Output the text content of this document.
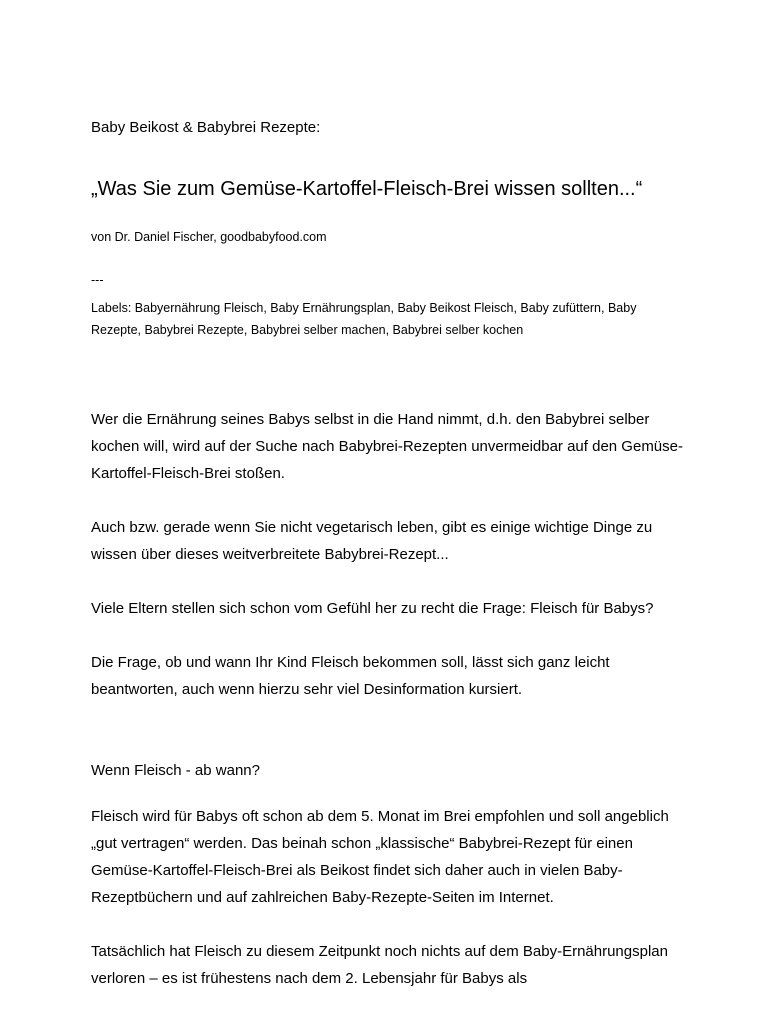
Baby Beikost & Babybrei Rezepte:
„Was Sie zum Gemüse-Kartoffel-Fleisch-Brei wissen sollten...“
von Dr. Daniel Fischer, goodbabyfood.com
---
Labels: Babyernährung Fleisch, Baby Ernährungsplan, Baby Beikost Fleisch, Baby zufüttern, Baby Rezepte, Babybrei Rezepte, Babybrei selber machen, Babybrei selber kochen

Wer die Ernährung seines Babys selbst in die Hand nimmt, d.h. den Babybrei selber kochen will, wird auf der Suche nach Babybrei-Rezepten unvermeidbar auf den Gemüse-Kartoffel-Fleisch-Brei stoßen.

Auch bzw. gerade wenn Sie nicht vegetarisch leben, gibt es einige wichtige Dinge zu wissen über dieses weitverbreitete Babybrei-Rezept...

Viele Eltern stellen sich schon vom Gefühl her zu recht die Frage: Fleisch für Babys?

Die Frage, ob und wann Ihr Kind Fleisch bekommen soll, lässt sich ganz leicht beantworten, auch wenn hierzu sehr viel Desinformation kursiert.

Wenn Fleisch - ab wann?

Fleisch wird für Babys oft schon ab dem 5. Monat im Brei empfohlen und soll angeblich „gut vertragen“ werden. Das beinah schon „klassische“ Babybrei-Rezept für einen Gemüse-Kartoffel-Fleisch-Brei als Beikost findet sich daher auch in vielen Baby-Rezeptbüchern und auf zahlreichen Baby-Rezepte-Seiten im Internet.

Tatsächlich hat Fleisch zu diesem Zeitpunkt noch nichts auf dem Baby-Ernährungsplan verloren – es ist frühestens nach dem 2. Lebensjahr für Babys als
